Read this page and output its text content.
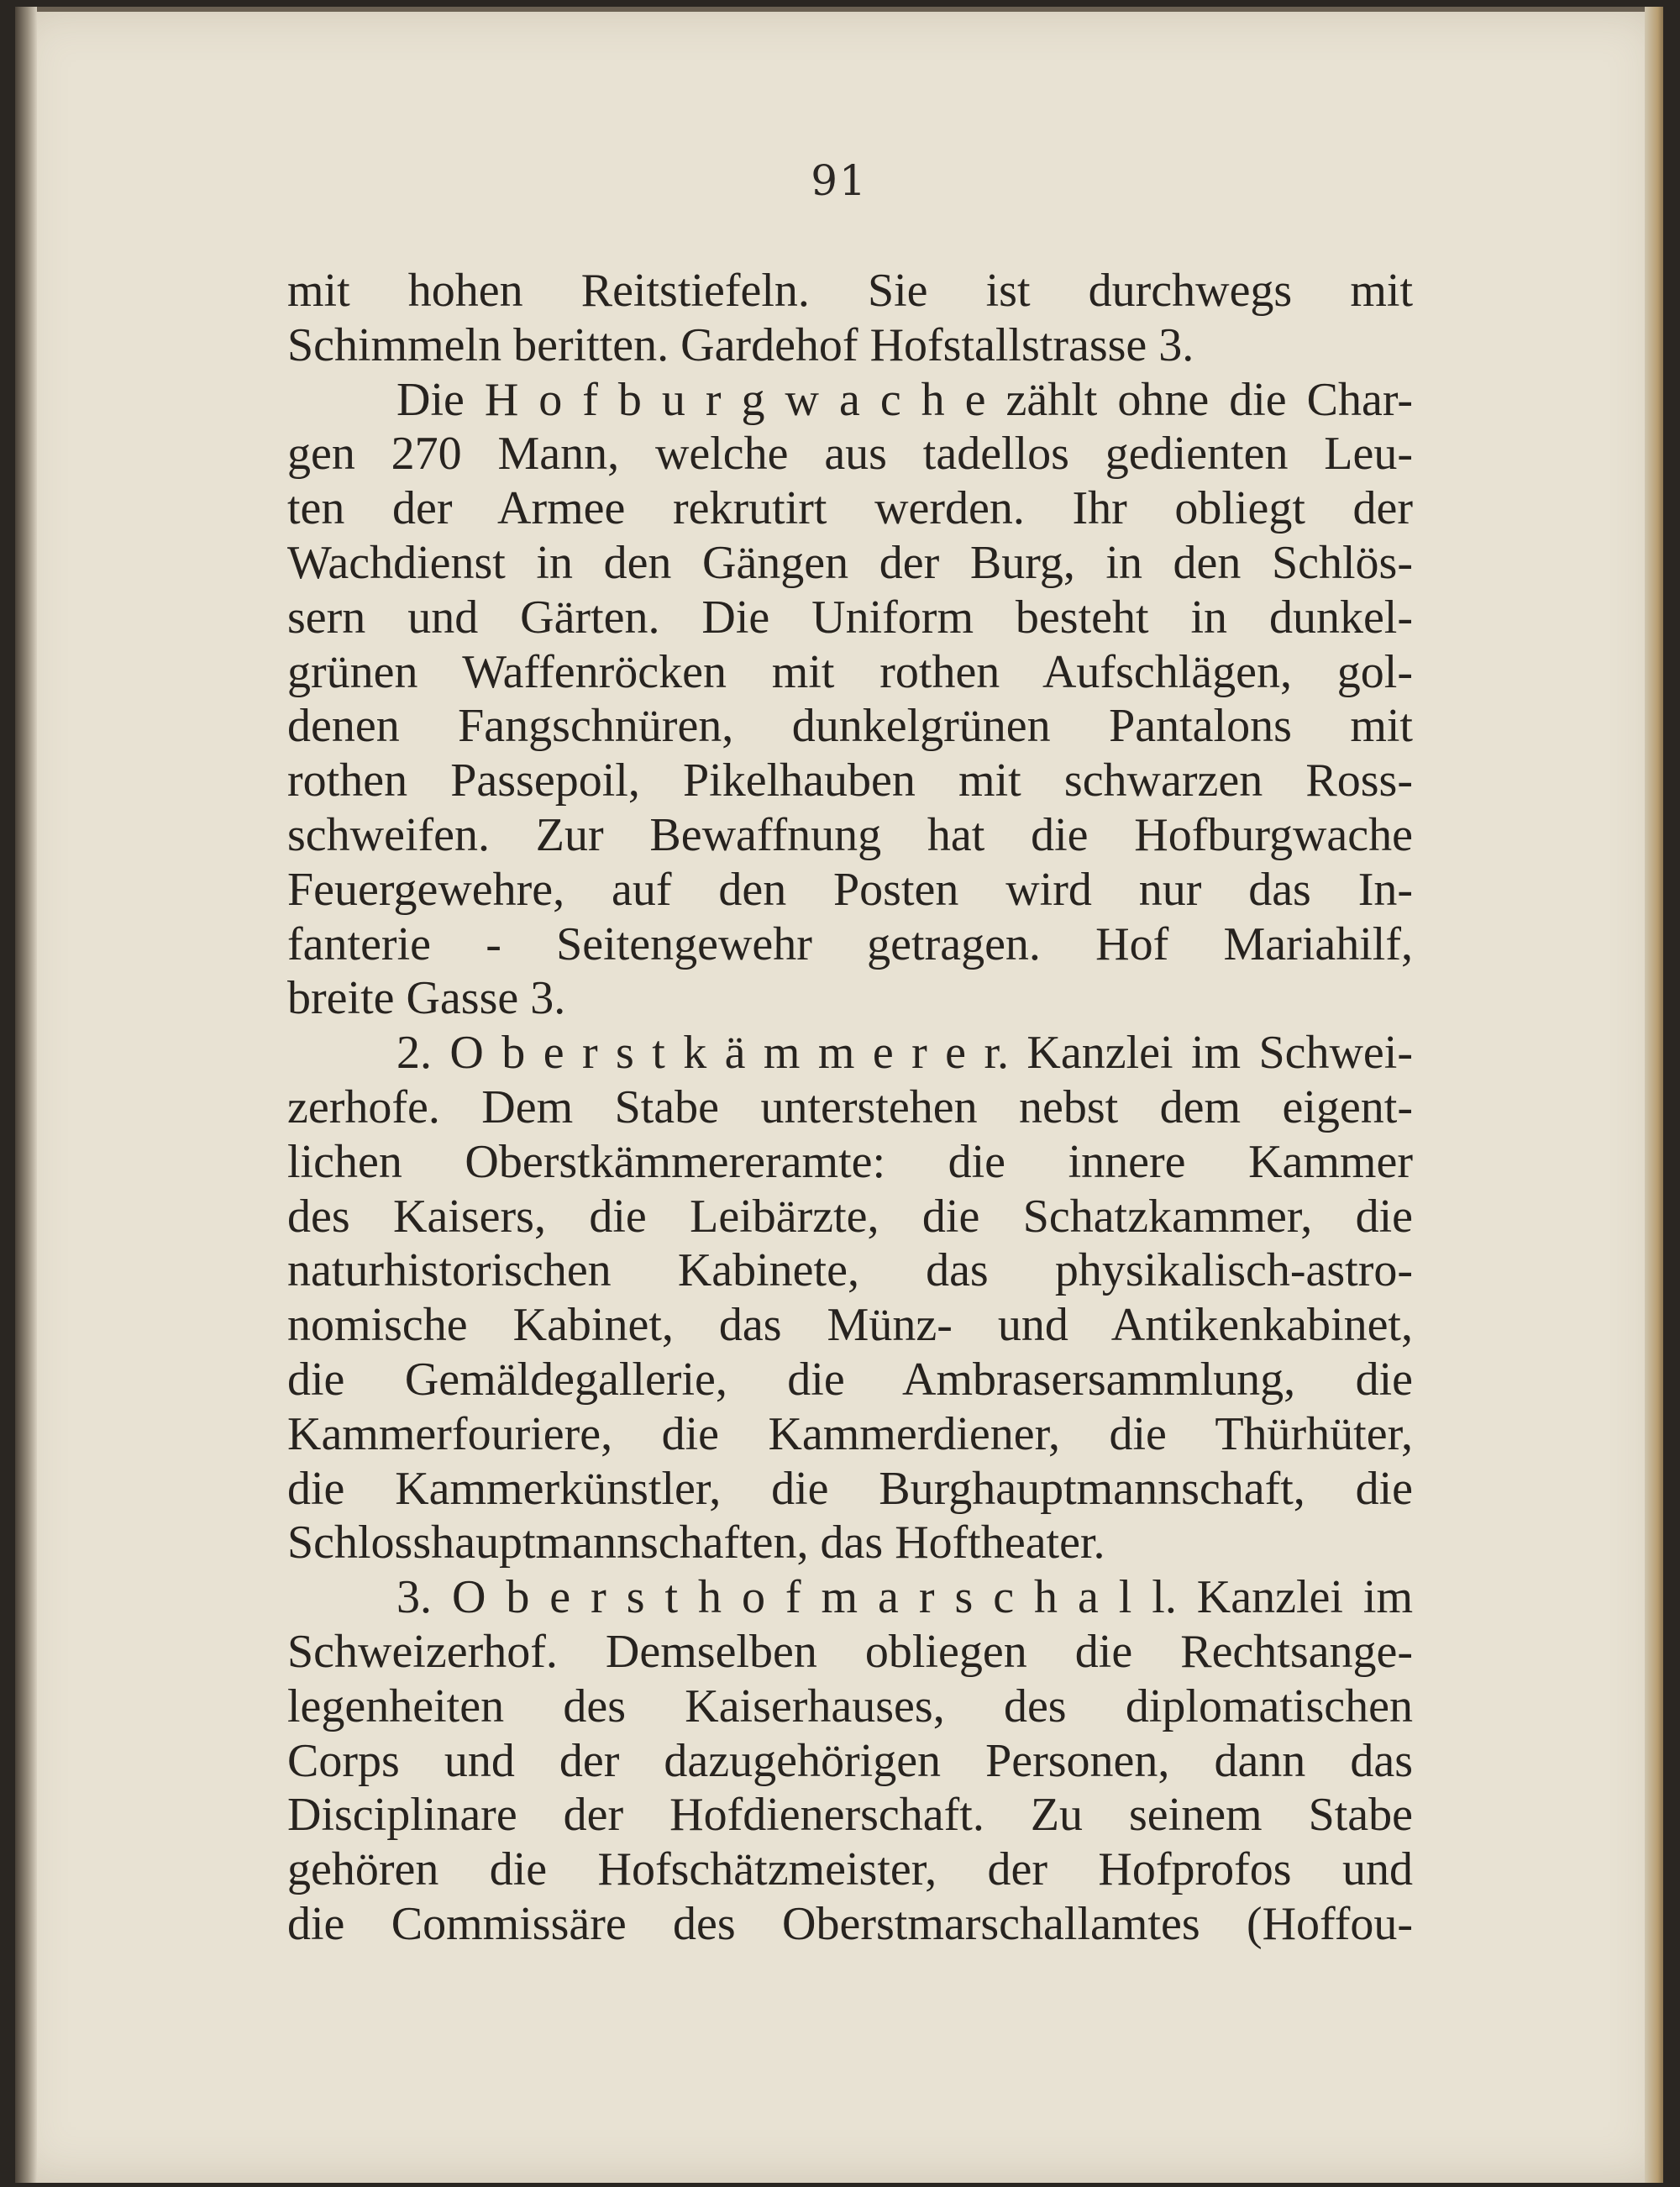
91
mit hohen Reitstiefeln. Sie ist durchwegs mit
Schimmeln beritten. Gardehof Hofstallstrasse 3.
Die H o f b u r g w a c h e zählt ohne die Char-
gen 270 Mann, welche aus tadellos gedienten Leu-
ten der Armee rekrutirt werden. Ihr obliegt der
Wachdienst in den Gängen der Burg, in den Schlös-
sern und Gärten. Die Uniform besteht in dunkel-
grünen Waffenröcken mit rothen Aufschlägen, gol-
denen Fangschnüren, dunkelgrünen Pantalons mit
rothen Passepoil, Pikelhauben mit schwarzen Ross-
schweifen. Zur Bewaffnung hat die Hofburgwache
Feuergewehre, auf den Posten wird nur das In-
fanterie - Seitengewehr getragen. Hof Mariahilf,
breite Gasse 3.
2. O b e r s t k ä m m e r e r. Kanzlei im Schwei-
zerhofe. Dem Stabe unterstehen nebst dem eigent-
lichen Oberstkämmereramte: die innere Kammer
des Kaisers, die Leibärzte, die Schatzkammer, die
naturhistorischen Kabinete, das physikalisch-astro-
nomische Kabinet, das Münz- und Antikenkabinet,
die Gemäldegallerie, die Ambrasersammlung, die
Kammerfouriere, die Kammerdiener, die Thürhüter,
die Kammerkünstler, die Burghauptmannschaft, die
Schlosshauptmannschaften, das Hoftheater.
3. O b e r s t h o f m a r s c h a l l. Kanzlei im
Schweizerhof. Demselben obliegen die Rechtsange-
legenheiten des Kaiserhauses, des diplomatischen
Corps und der dazugehörigen Personen, dann das
Disciplinare der Hofdienerschaft. Zu seinem Stabe
gehören die Hofschätzmeister, der Hofprofos und
die Commissäre des Oberstmarschallamtes (Hoffou-
